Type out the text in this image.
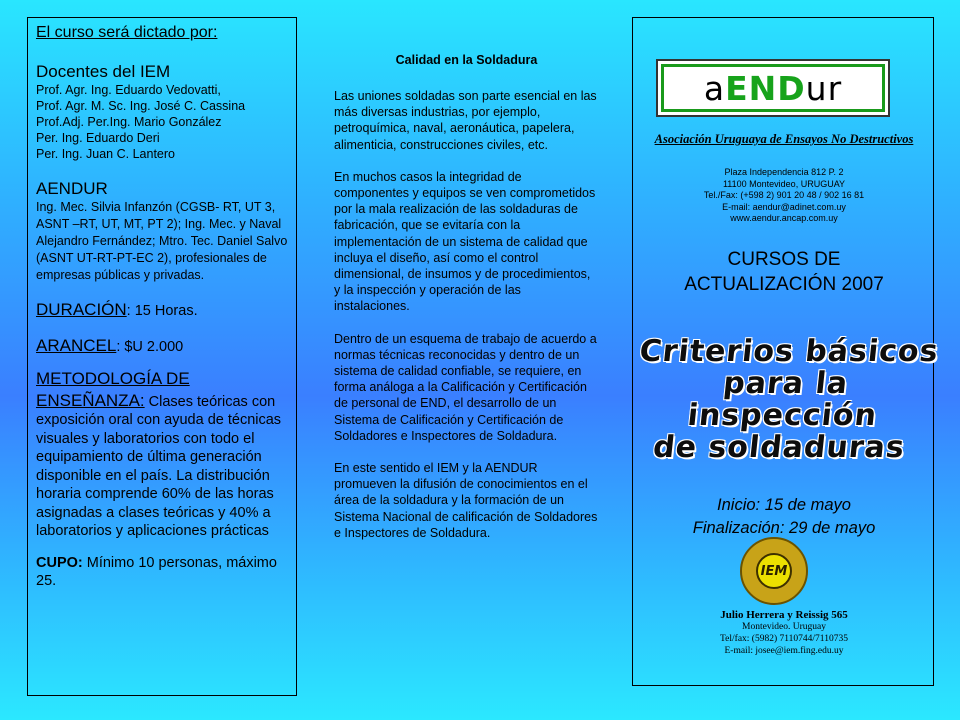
El curso será dictado por:

Docentes del IEM

Prof. Agr. Ing. Eduardo Vedovatti,
Prof. Agr. M. Sc. Ing. José C. Cassina
Prof.Adj. Per.Ing. Mario González
Per. Ing. Eduardo Deri
Per. Ing. Juan C. Lantero

AENDUR

Ing. Mec. Silvia Infanzón (CGSB- RT, UT 3, ASNT –RT, UT, MT, PT 2); Ing. Mec. y Naval Alejandro Fernández; Mtro. Tec. Daniel Salvo (ASNT UT-RT-PT-EC 2), profesionales de empresas públicas y privadas.

DURACIÓN: 15 Horas.

ARANCEL: $U 2.000

METODOLOGÍA DE ENSEÑANZA: Clases teóricas con exposición oral con ayuda de técnicas visuales y laboratorios con todo el equipamiento de última generación disponible en el país. La distribución horaria comprende 60% de las horas asignadas a clases teóricas y 40% a laboratorios y aplicaciones prácticas

CUPO: Mínimo 10 personas, máximo 25.

Calidad en la Soldadura

Las uniones soldadas son parte esencial en las más diversas industrias, por ejemplo, petroquímica, naval, aeronáutica, papelera, alimenticia, construcciones civiles, etc.

En muchos casos la integridad de componentes y equipos se ven comprometidos por la mala realización de las soldaduras de fabricación, que se evitaría con la implementación de un sistema de calidad que incluya el diseño, así como el control dimensional, de insumos y de procedimientos, y la inspección y operación de las instalaciones.

Dentro de un esquema de trabajo de acuerdo a normas técnicas reconocidas y dentro de un sistema de calidad confiable, se requiere, en forma análoga a la Calificación y Certificación de personal de END, el desarrollo de un Sistema de Calificación y Certificación de Soldadores e Inspectores de Soldadura.

En este sentido el IEM y la AENDUR promueven la difusión de conocimientos en el área de la soldadura y la formación de un Sistema Nacional de calificación de Soldadores e Inspectores de Soldadura.

a END ur
Asociación Uruguaya de Ensayos No Destructivos
Plaza Independencia 812 P. 2
11100 Montevideo, URUGUAY
Tel./Fax: (+598 2) 901 20 48 / 902 16 81
E-mail: aendur@adinet.com.uy
www.aendur.ancap.com.uy
CURSOS DE
ACTUALIZACIÓN 2007
Criterios básicos
para la inspección
de soldaduras
Inicio: 15 de mayo
Finalización: 29 de mayo
IEM
Julio Herrera y Reissig 565
Montevideo. Uruguay
Tel/fax: (5982) 7110744/7110735
E-mail: josee@iem.fing.edu.uy
